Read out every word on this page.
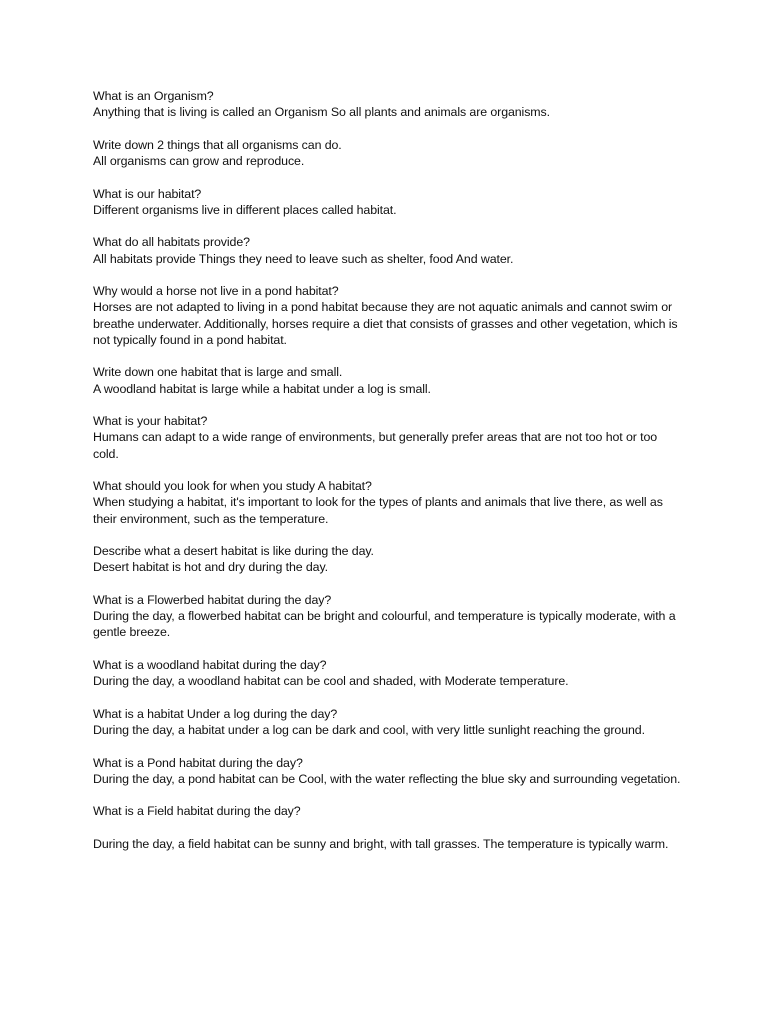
What is an Organism?
Anything that is living is called an Organism So all plants and animals are organisms.
Write down 2 things that all organisms can do.
All organisms can grow and reproduce.
What is our habitat?
Different organisms live in different places called habitat.
What do all habitats provide?
All habitats provide Things they need to leave such as shelter, food And water.
Why would a horse not live in a pond habitat?
Horses are not adapted to living in a pond habitat because they are not aquatic animals and cannot swim or breathe underwater. Additionally, horses require a diet that consists of grasses and other vegetation, which is not typically found in a pond habitat.
Write down one habitat that is large and small.
A woodland habitat is large while a habitat under a log is small.
What is your habitat?
Humans can adapt to a wide range of environments, but generally prefer areas that are not too hot or too cold.
What should you look for when you study A habitat?
When studying a habitat, it's important to look for the types of plants and animals that live there, as well as their environment, such as the temperature.
Describe what a desert habitat is like during the day.
Desert habitat is hot and dry during the day.
What is a Flowerbed habitat during the day?
During the day, a flowerbed habitat can be bright and colourful, and temperature is typically moderate, with a gentle breeze.
What is a woodland habitat during the day?
During the day, a woodland habitat can be cool and shaded, with Moderate temperature.
What is a habitat Under a log during the day?
During the day, a habitat under a log can be dark and cool, with very little sunlight reaching the ground.
What is a Pond habitat during the day?
During the day, a pond habitat can be Cool, with the water reflecting the blue sky and surrounding vegetation.
What is a Field habitat during the day?
During the day, a field habitat can be sunny and bright, with tall grasses. The temperature is typically warm.
